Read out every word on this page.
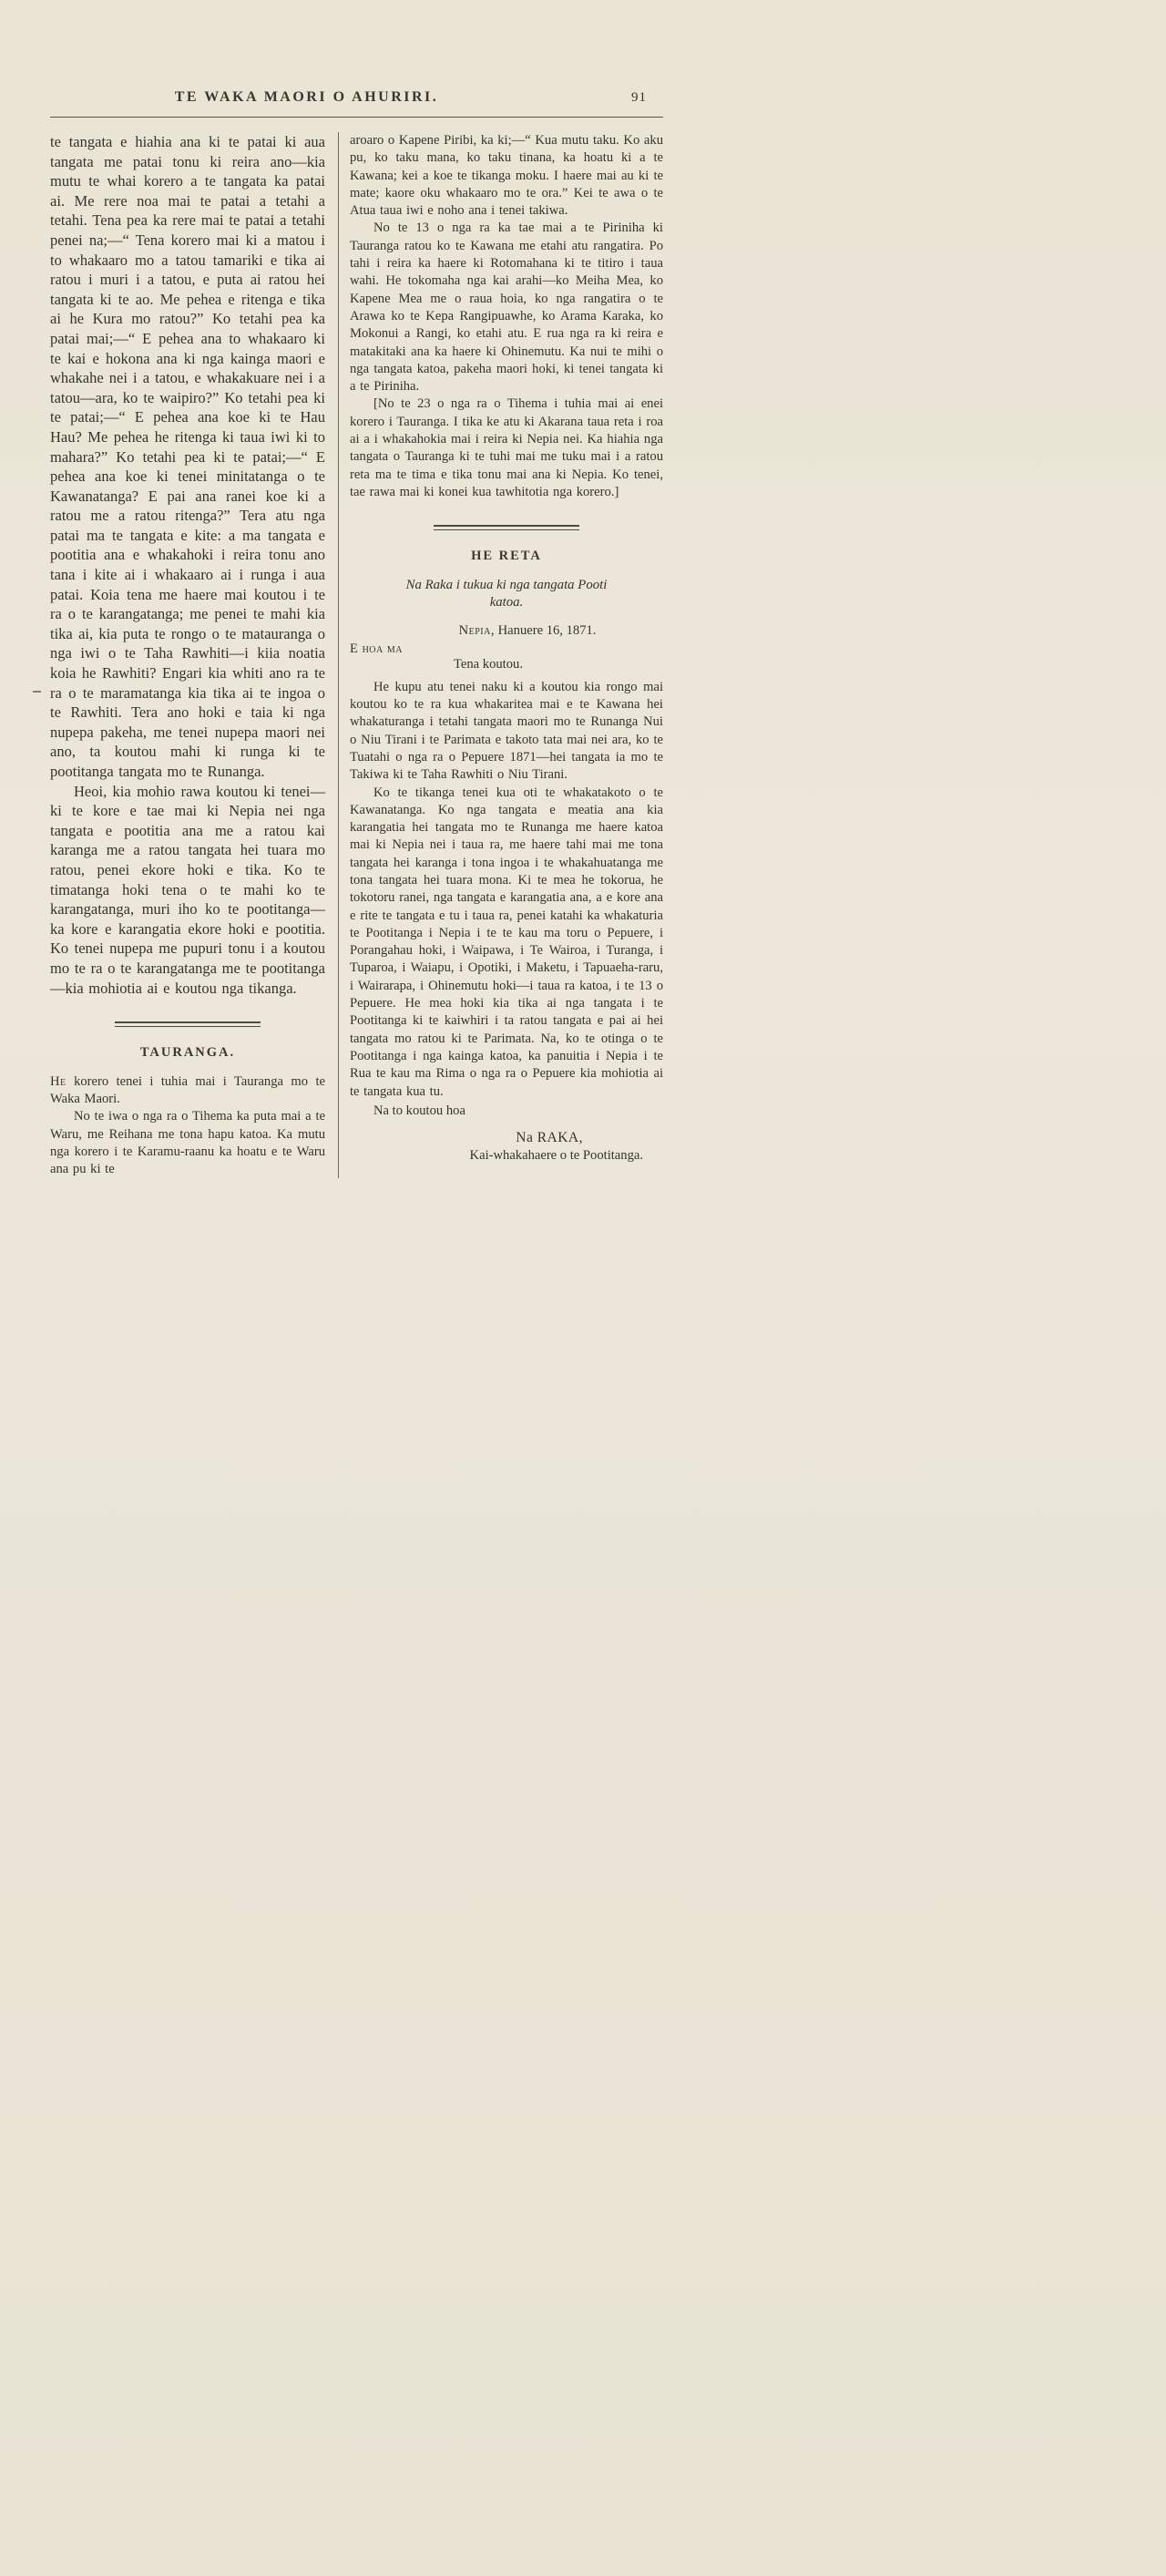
TE WAKA MAORI O AHURIRI.	91

te tangata e hiahia ana ki te patai ki aua tangata me patai tonu ki reira ano—kia mutu te whai korero a te tangata ka patai ai. Me rere noa mai te patai a tetahi a tetahi. Tena pea ka rere mai te patai a tetahi penei na;—“ Tena korero mai ki a matou i to whakaaro mo a tatou tamariki e tika ai ratou i muri i a tatou, e puta ai ratou hei tangata ki te ao. Me pehea e ritenga e tika ai he Kura mo ratou?” Ko tetahi pea ka patai mai;—“ E pehea ana to whakaaro ki te kai e hokona ana ki nga kainga maori e whakahe nei i a tatou, e whakakuare nei i a tatou—ara, ko te waipiro?” Ko tetahi pea ki te patai;—“ E pehea ana koe ki te Hau Hau? Me pehea he ritenga ki taua iwi ki to mahara?” Ko tetahi pea ki te patai;—“ E pehea ana koe ki tenei minitatanga o te Kawanatanga? E pai ana ranei koe ki a ratou me a ratou ritenga?” Tera atu nga patai ma te tangata e kite: a ma tangata e pootitia ana e whakahoki i reira tonu ano tana i kite ai i whakaaro ai i runga i aua patai. Koia tena me haere mai koutou i te ra o te karangatanga; me penei te mahi kia tika ai, kia puta te rongo o te matauranga o nga iwi o te Taha Rawhiti—i kiia noatia koia he Rawhiti? Engari kia whiti ano ra te ra o te maramatanga kia tika ai te ingoa o te Rawhiti. Tera ano hoki e taia ki nga nupepa pakeha, me tenei nupepa maori nei ano, ta koutou mahi ki runga ki te pootitanga tangata mo te Runanga.

Heoi, kia mohio rawa koutou ki tenei—ki te kore e tae mai ki Nepia nei nga tangata e pootitia ana me a ratou kai karanga me a ratou tangata hei tuara mo ratou, penei ekore hoki e tika. Ko te timatanga hoki tena o te mahi ko te karangatanga, muri iho ko te pootitanga—ka kore e karangatia ekore hoki e pootitia. Ko tenei nupepa me pupuri tonu i a koutou mo te ra o te karangatanga me te pootitanga—kia mohiotia ai e koutou nga tikanga.

TAURANGA.

He korero tenei i tuhia mai i Tauranga mo te Waka Maori.

No te iwa o nga ra o Tihema ka puta mai a te Waru, me Reihana me tona hapu katoa. Ka mutu nga korero i te Karamu-raanu ka hoatu e te Waru ana pu ki te

aroaro o Kapene Piribi, ka ki;—“ Kua mutu taku. Ko aku pu, ko taku mana, ko taku tinana, ka hoatu ki a te Kawana; kei a koe te tikanga moku. I haere mai au ki te mate; kaore oku whakaaro mo te ora.” Kei te awa o te Atua taua iwi e noho ana i tenei takiwa.

No te 13 o nga ra ka tae mai a te Piriniha ki Tauranga ratou ko te Kawana me etahi atu rangatira. Po tahi i reira ka haere ki Rotomahana ki te titiro i taua wahi. He tokomaha nga kai arahi—ko Meiha Mea, ko Kapene Mea me o raua hoia, ko nga rangatira o te Arawa ko te Kepa Rangipuawhe, ko Arama Karaka, ko Mokonui a Rangi, ko etahi atu. E rua nga ra ki reira e matakitaki ana ka haere ki Ohinemutu. Ka nui te mihi o nga tangata katoa, pakeha maori hoki, ki tenei tangata ki a te Piriniha.

[No te 23 o nga ra o Tihema i tuhia mai ai enei korero i Tauranga. I tika ke atu ki Akarana taua reta i roa ai a i whakahokia mai i reira ki Nepia nei. Ka hiahia nga tangata o Tauranga ki te tuhi mai me tuku mai i a ratou reta ma te tima e tika tonu mai ana ki Nepia. Ko tenei, tae rawa mai ki konei kua tawhitotia nga korero.]

HE RETA

Na Raka i tukua ki nga tangata Pooti katoa.

Nepia, Hanuere 16, 1871.

E hoa ma

Tena koutou.

He kupu atu tenei naku ki a koutou kia rongo mai koutou ko te ra kua whakaritea mai e te Kawana hei whakaturanga i tetahi tangata maori mo te Runanga Nui o Niu Tirani i te Parimata e takoto tata mai nei ara, ko te Tuatahi o nga ra o Pepuere 1871—hei tangata ia mo te Takiwa ki te Taha Rawhiti o Niu Tirani.

Ko te tikanga tenei kua oti te whakatakoto o te Kawanatanga. Ko nga tangata e meatia ana kia karangatia hei tangata mo te Runanga me haere katoa mai ki Nepia nei i taua ra, me haere tahi mai me tona tangata hei karanga i tona ingoa i te whakahuatanga me tona tangata hei tuara mona. Ki te mea he tokorua, he tokotoru ranei, nga tangata e karangatia ana, a e kore ana e rite te tangata e tu i taua ra, penei katahi ka whakaturia te Pootitanga i Nepia i te te kau ma toru o Pepuere, i Porangahau hoki, i Waipawa, i Te Wairoa, i Turanga, i Tuparoa, i Waiapu, i Opotiki, i Maketu, i Tapuaeha-raru, i Wairarapa, i Ohinemutu hoki—i taua ra katoa, i te 13 o Pepuere. He mea hoki kia tika ai nga tangata i te Pootitanga ki te kaiwhiri i ta ratou tangata e pai ai hei tangata mo ratou ki te Parimata. Na, ko te otinga o te Pootitanga i nga kainga katoa, ka panuitia i Nepia i te Rua te kau ma Rima o nga ra o Pepuere kia mohiotia ai te tangata kua tu.

Na to koutou hoa

Na RAKA,

Kai-whakahaere o te Pootitanga.
